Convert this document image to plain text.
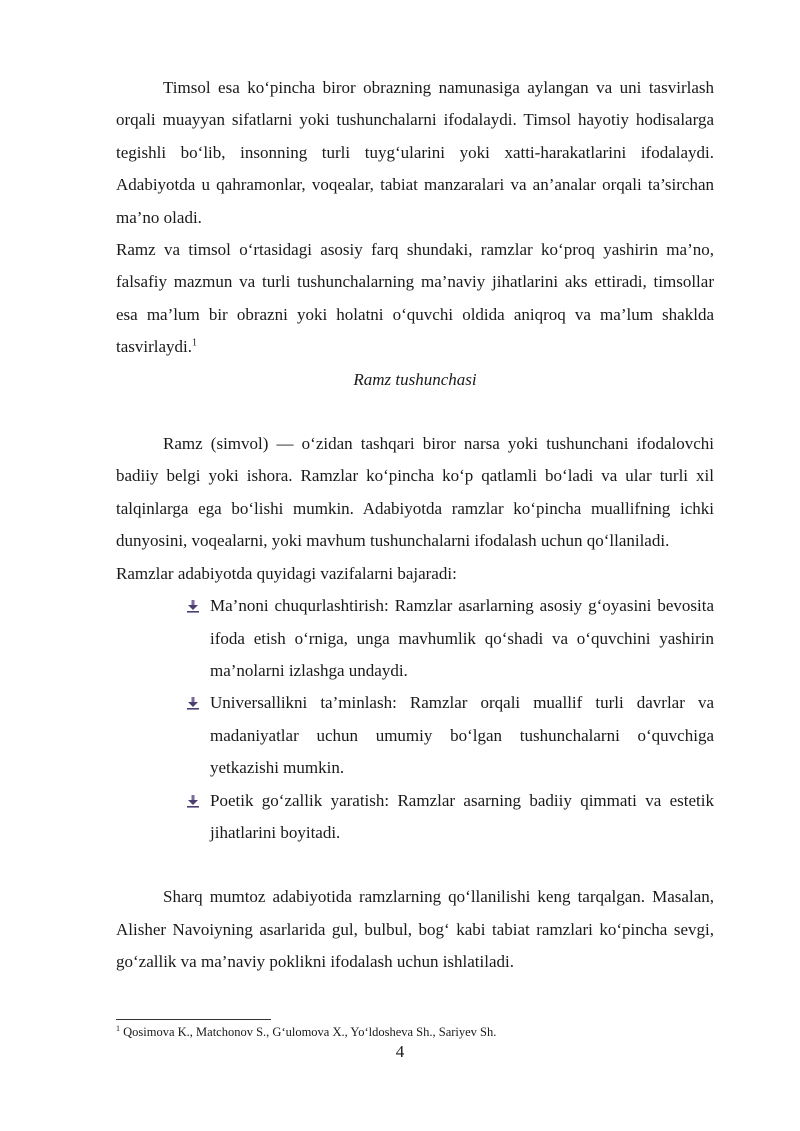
Timsol esa ko‘pincha biror obrazning namunasiga aylangan va uni tasvirlash orqali muayyan sifatlarni yoki tushunchalarni ifodalaydi. Timsol hayotiy hodisalarga tegishli bo‘lib, insonning turli tuyg‘ularini yoki xatti-harakatlarini ifodalaydi. Adabiyotda u qahramonlar, voqealar, tabiat manzaralari va an’analar orqali ta’sirchan ma’no oladi.

Ramz va timsol o‘rtasidagi asosiy farq shundaki, ramzlar ko‘proq yashirin ma’no, falsafiy mazmun va turli tushunchalarning ma’naviy jihatlarini aks ettiradi, timsollar esa ma’lum bir obrazni yoki holatni o‘quvchi oldida aniqroq va ma’lum shaklda tasvirlaydi.$^1$

Ramz tushunchasi

Ramz (simvol) — o‘zidan tashqari biror narsa yoki tushunchani ifodalovchi badiiy belgi yoki ishora. Ramzlar ko‘pincha ko‘p qatlamli bo‘ladi va ular turli xil talqinlarga ega bo‘lishi mumkin. Adabiyotda ramzlar ko‘pincha muallifning ichki dunyosini, voqealarni, yoki mavhum tushunchalarni ifodalash uchun qo‘llaniladi.

Ramzlar adabiyotda quyidagi vazifalarni bajaradi:

Ma’noni chuqurlashtirish: Ramzlar asarlarning asosiy g‘oyasini bevosita ifoda etish o‘rniga, unga mavhumlik qo‘shadi va o‘quvchini yashirin ma’nolarni izlashga undaydi.
Universallikni ta’minlash: Ramzlar orqali muallif turli davrlar va madaniyatlar uchun umumiy bo‘lgan tushunchalarni o‘quvchiga yetkazishi mumkin.
Poetik go‘zallik yaratish: Ramzlar asarning badiiy qimmati va estetik jihatlarini boyitadi.

Sharq mumtoz adabiyotida ramzlarning qo‘llanilishi keng tarqalgan. Masalan, Alisher Navoiyning asarlarida gul, bulbul, bog‘ kabi tabiat ramzlari ko‘pincha sevgi, go‘zallik va ma’naviy poklikni ifodalash uchun ishlatiladi.

$^1$ Qosimova K., Matchonov S., G‘ulomova X., Yo‘ldosheva Sh., Sariyev Sh.
4
